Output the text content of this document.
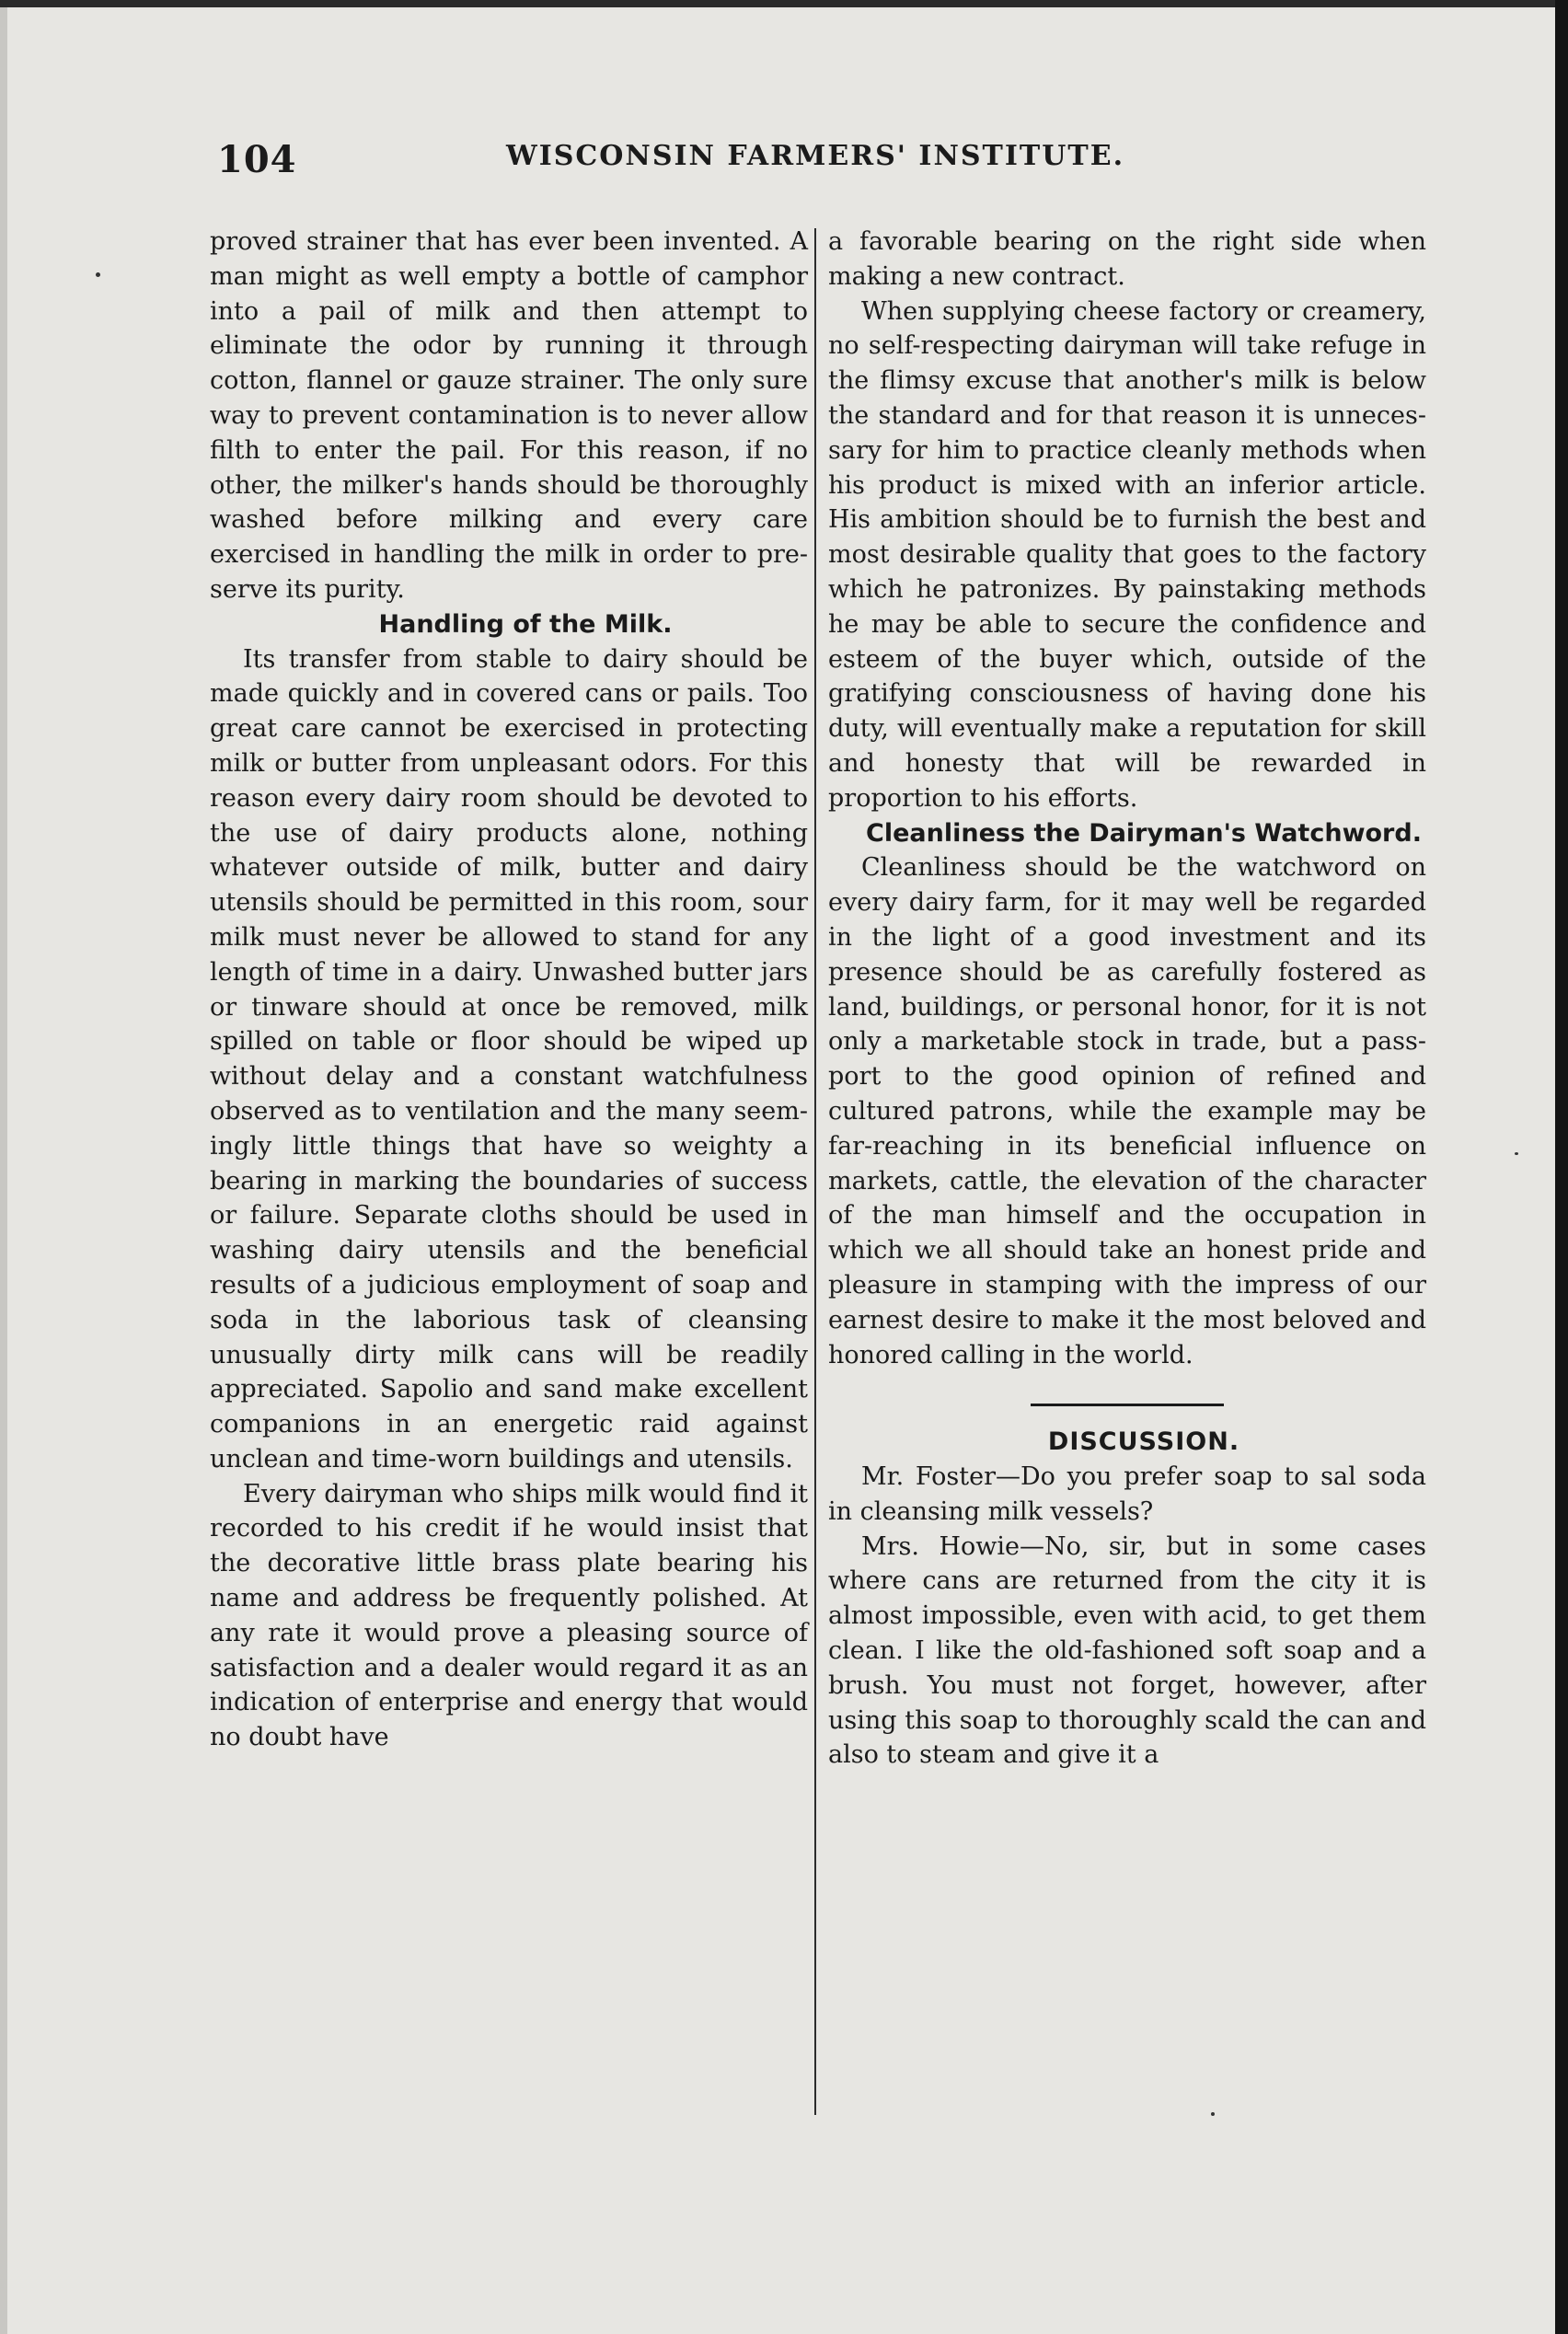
104	WISCONSIN FARMERS' INSTITUTE.

proved strainer that has ever been invented. A man might as well empty a bottle of camphor into a pail of milk and then attempt to eliminate the odor by running it through cotton, flannel or gauze strainer. The only sure way to prevent contamination is to never allow filth to enter the pail. For this reason, if no other, the milker's hands should be thoroughly washed before milking and every care exercised in handling the milk in order to preserve its purity.

Handling of the Milk.

Its transfer from stable to dairy should be made quickly and in covered cans or pails. Too great care cannot be exercised in protecting milk or butter from unpleasant odors. For this reason every dairy room should be devoted to the use of dairy products alone, nothing whatever outside of milk, butter and dairy utensils should be permitted in this room, sour milk must never be allowed to stand for any length of time in a dairy. Unwashed butter jars or tinware should at once be removed, milk spilled on table or floor should be wiped up without delay and a constant watchfulness observed as to ventilation and the many seemingly little things that have so weighty a bearing in marking the boundaries of success or failure. Separate cloths should be used in washing dairy utensils and the beneficial results of a judicious employment of soap and soda in the laborious task of cleansing unusually dirty milk cans will be readily appreciated. Sapolio and sand make excellent companions in an energetic raid against unclean and time-worn buildings and utensils.

Every dairyman who ships milk would find it recorded to his credit if he would insist that the decorative little brass plate bearing his name and address be frequently polished. At any rate it would prove a pleasing source of satisfaction and a dealer would regard it as an indication of enterprise and energy that would no doubt have

a favorable bearing on the right side when making a new contract.

When supplying cheese factory or creamery, no self-respecting dairyman will take refuge in the flimsy excuse that another's milk is below the standard and for that reason it is unnecessary for him to practice cleanly methods when his product is mixed with an inferior article. His ambition should be to furnish the best and most desirable quality that goes to the factory which he patronizes. By painstaking methods he may be able to secure the confidence and esteem of the buyer which, outside of the gratifying consciousness of having done his duty, will eventually make a reputation for skill and honesty that will be rewarded in proportion to his efforts.

Cleanliness the Dairyman's Watchword.

Cleanliness should be the watchword on every dairy farm, for it may well be regarded in the light of a good investment and its presence should be as carefully fostered as land, buildings, or personal honor, for it is not only a marketable stock in trade, but a passport to the good opinion of refined and cultured patrons, while the example may be far-reaching in its beneficial influence on markets, cattle, the elevation of the character of the man himself and the occupation in which we all should take an honest pride and pleasure in stamping with the impress of our earnest desire to make it the most beloved and honored calling in the world.

DISCUSSION.

Mr. Foster—Do you prefer soap to sal soda in cleansing milk vessels?

Mrs. Howie—No, sir, but in some cases where cans are returned from the city it is almost impossible, even with acid, to get them clean. I like the old-fashioned soft soap and a brush. You must not forget, however, after using this soap to thoroughly scald the can and also to steam and give it a
